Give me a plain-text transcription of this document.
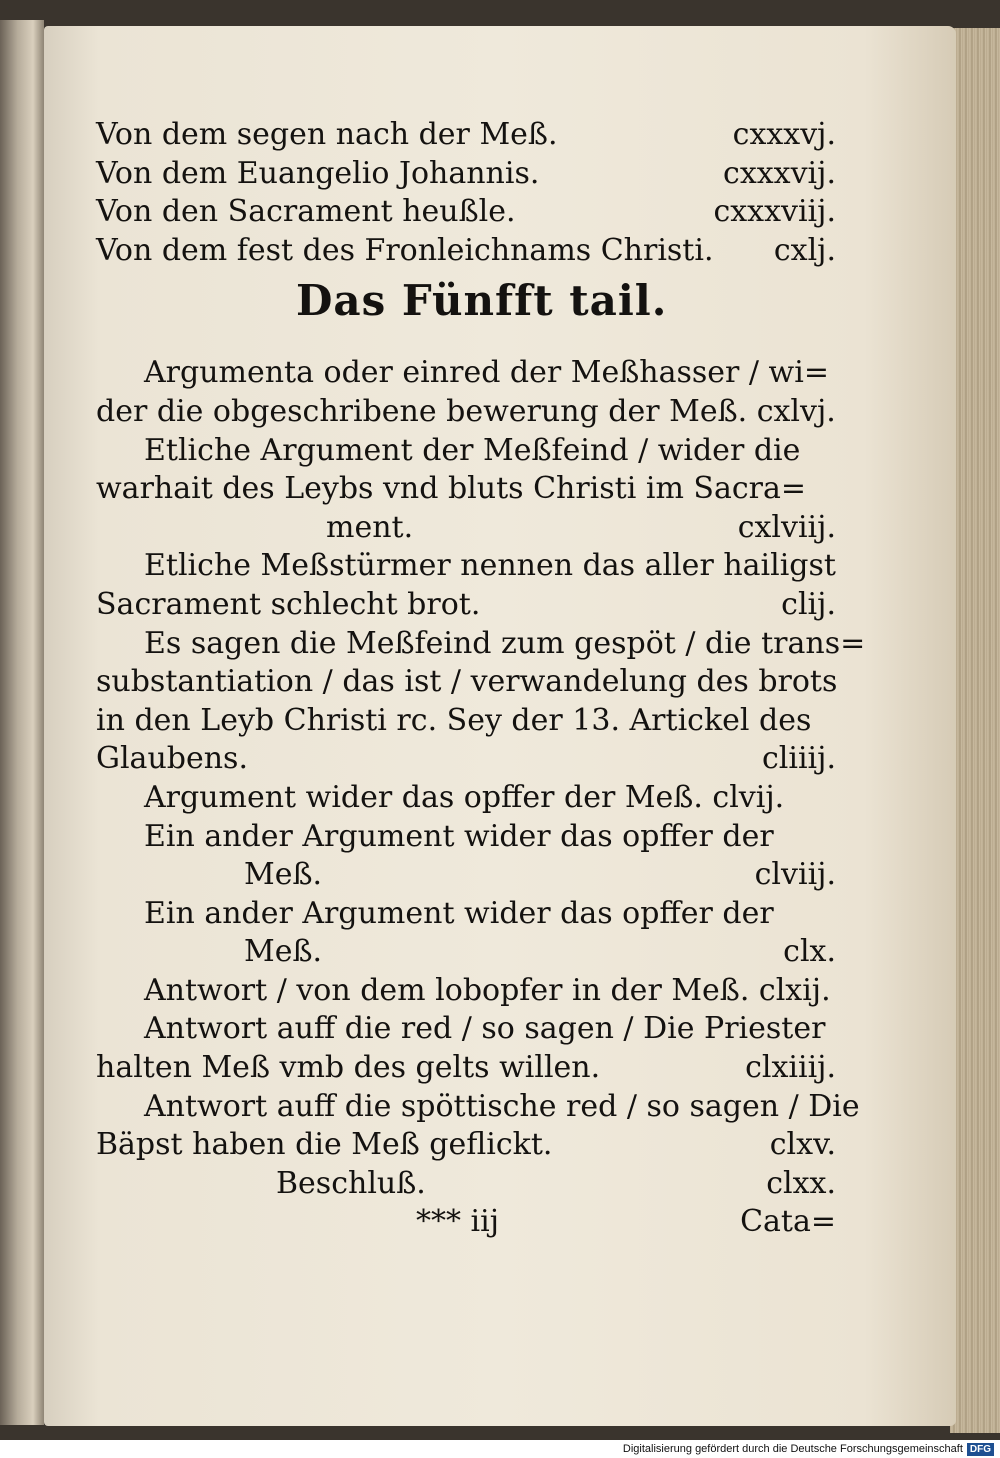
Von dem segen nach der Meß.	cxxxvj.
Von dem Euangelio Johannis.	cxxxvij.
Von den Sacrament heußle.	cxxxviij.
Von dem fest des Fronleichnams Christi.	cxlj.
Das Fünfft tail.
Argumenta oder einred der Meßhasser / wi=
der die obgeschribene bewerung der Meß. cxlvj.
Etliche Argument der Meßfeind / wider die
warhait des Leybs vnd bluts Christi im Sacra=
ment.	cxlviij.
Etliche Meßstürmer nennen das aller hailigst
Sacrament schlecht brot.	clij.
Es sagen die Meßfeind zum gespöt / die trans=
substantiation / das ist / verwandelung des brots
in den Leyb Christi rc. Sey der 13. Artickel des
Glaubens.	cliiij.
Argument wider das opffer der Meß. clvij.
Ein ander Argument wider das opffer der
Meß.	clviij.
Ein ander Argument wider das opffer der
Meß.	clx.
Antwort / von dem lobopfer in der Meß. clxij.
Antwort auff die red / so sagen / Die Priester
halten Meß vmb des gelts willen.	clxiiij.
Antwort auff die spöttische red / so sagen / Die
Bäpst haben die Meß geflickt.	clxv.
Beschluß.	clxx.
*** iij	Cata=
Digitalisierung gefördert durch die Deutsche Forschungsgemeinschaft DFG
